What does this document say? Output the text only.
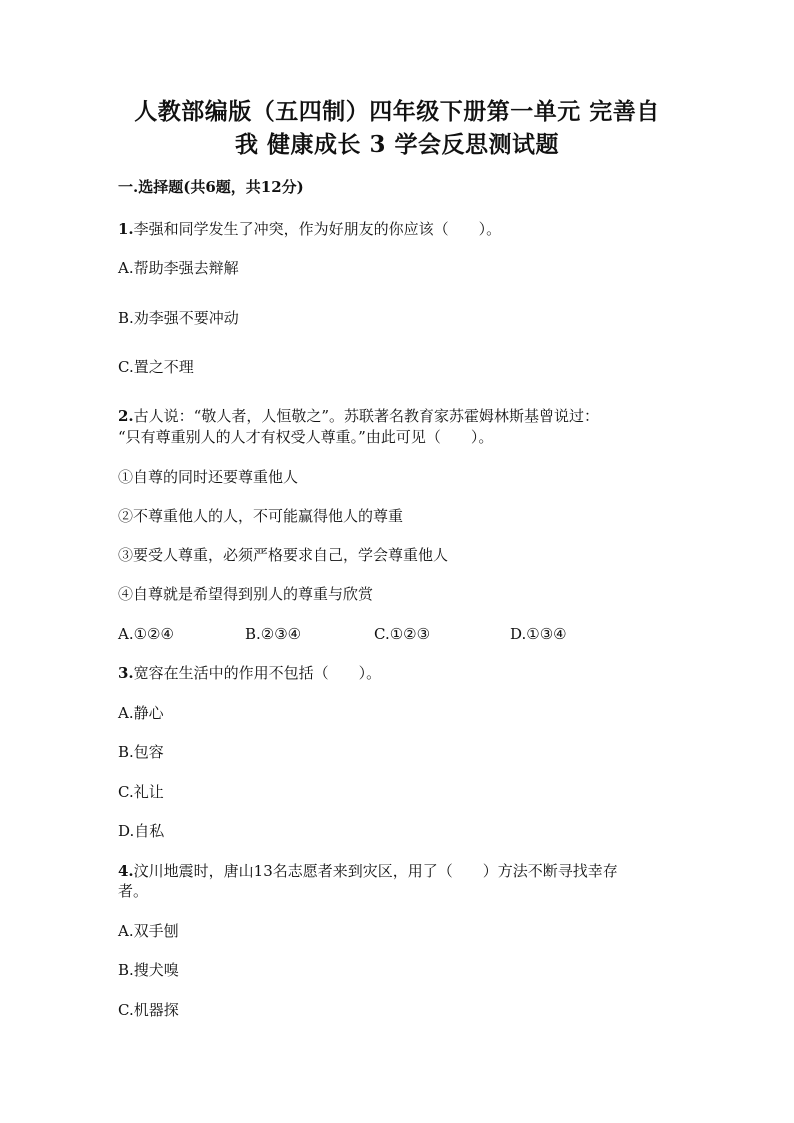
人教部编版（五四制）四年级下册第一单元 完善自
我 健康成长 3 学会反思测试题
一.选择题(共6题，共12分)
1.李强和同学发生了冲突，作为好朋友的你应该（　　）。
A.帮助李强去辩解
B.劝李强不要冲动
C.置之不理
2.古人说：“敬人者，人恒敬之”。苏联著名教育家苏霍姆林斯基曾说过：
“只有尊重别人的人才有权受人尊重。”由此可见（　　）。
①自尊的同时还要尊重他人
②不尊重他人的人，不可能赢得他人的尊重
③要受人尊重，必须严格要求自己，学会尊重他人
④自尊就是希望得到别人的尊重与欣赏
A.①②④	B.②③④	C.①②③	D.①③④
3.宽容在生活中的作用不包括（　　）。
A.静心
B.包容
C.礼让
D.自私
4.汶川地震时，唐山13名志愿者来到灾区，用了（　　）方法不断寻找幸存
者。
A.双手刨
B.搜犬嗅
C.机器探
